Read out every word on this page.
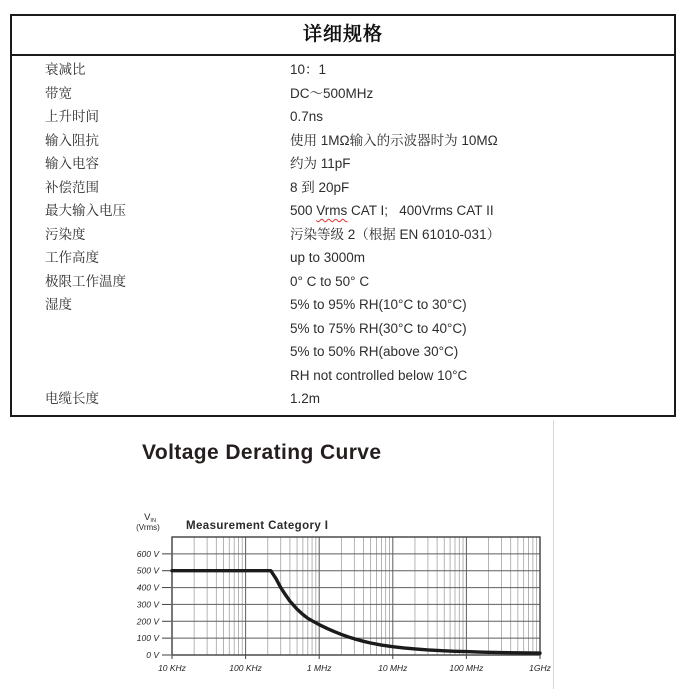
详细规格
衰减比	10：1
带宽	DC～500MHz
上升时间	0.7ns
输入阻抗	使用 1MΩ输入的示波器时为 10MΩ
输入电容	约为 11pF
补偿范围	8 到 20pF
最大输入电压	500 Vrms CAT I;   400Vrms CAT II
污染度	污染等级 2（根据 EN 61010-031）
工作高度	up to 3000m
极限工作温度	0° C to 50° C
湿度	5% to 95% RH(10°C to 30°C)
5% to 75% RH(30°C to 40°C)
5% to 50% RH(above 30°C)
RH not controlled below 10°C
电缆长度	1.2m
Voltage Derating Curve
600 V
500 V
400 V
300 V
200 V
100 V
0 V
10 KHz	100 KHz	1 MHz	10 MHz	100 MHz	1GHz
Measurement Category I
$V_{IN}$
(Vrms)
